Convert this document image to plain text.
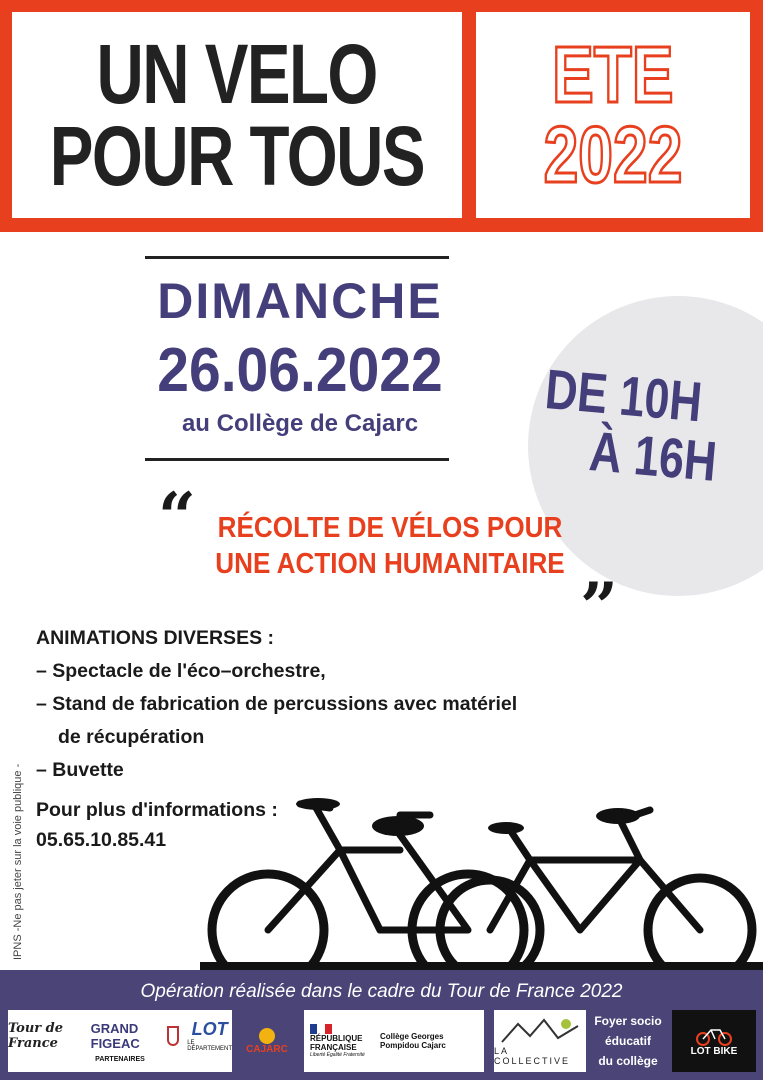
UN VELO
POUR TOUS
ETE
2022
DE 10H
À 16H
DIMANCHE
26.06.2022
au Collège de Cajarc
“ RÉCOLTE DE VÉLOS POUR
UNE ACTION HUMANITAIRE
”
ANIMATIONS DIVERSES :
– Spectacle de l'éco–orchestre,
– Stand de fabrication de percussions avec matériel
de récupération
– Buvette
Pour plus d'informations :
05.65.10.85.41
IPNS -Ne pas jeter sur la voie publique -
Opération réalisée dans le cadre du Tour de France 2022
Tour de France
GRAND FIGEAC
LOT
LE DÉPARTEMENT
PARTENAIRES
CAJARC
RÉPUBLIQUE
FRANÇAISE
Liberté Égalité Fraternité
Collège Georges Pompidou Cajarc
LA COLLECTIVE
Foyer socio
éducatif
du collège
LOT BIKE
